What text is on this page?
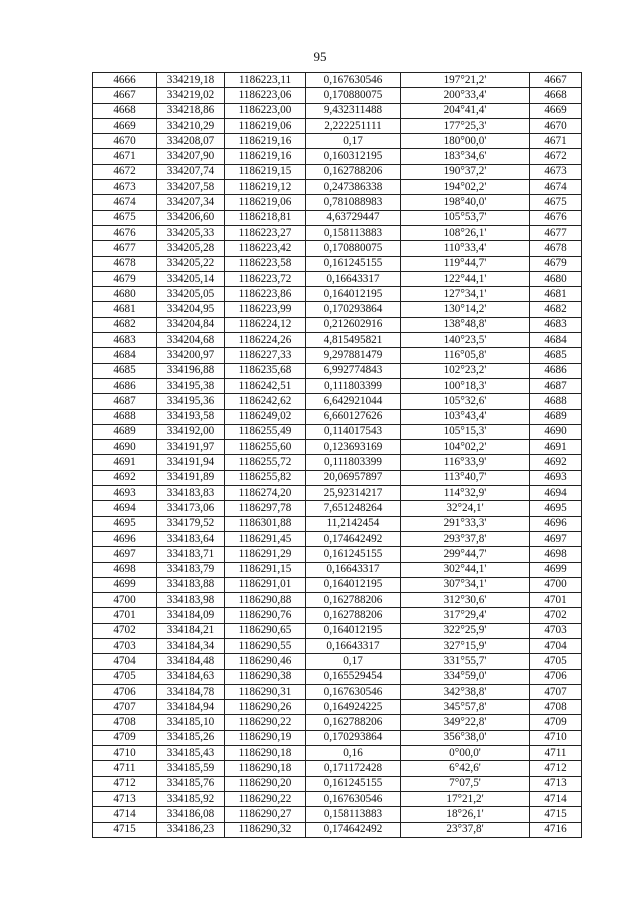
95
4666	334219,18	1186223,11	0,167630546	197°21,2'	4667
4667	334219,02	1186223,06	0,170880075	200°33,4'	4668
4668	334218,86	1186223,00	9,432311488	204°41,4'	4669
4669	334210,29	1186219,06	2,222251111	177°25,3'	4670
4670	334208,07	1186219,16	0,17	180°00,0'	4671
4671	334207,90	1186219,16	0,160312195	183°34,6'	4672
4672	334207,74	1186219,15	0,162788206	190°37,2'	4673
4673	334207,58	1186219,12	0,247386338	194°02,2'	4674
4674	334207,34	1186219,06	0,781088983	198°40,0'	4675
4675	334206,60	1186218,81	4,63729447	105°53,7'	4676
4676	334205,33	1186223,27	0,158113883	108°26,1'	4677
4677	334205,28	1186223,42	0,170880075	110°33,4'	4678
4678	334205,22	1186223,58	0,161245155	119°44,7'	4679
4679	334205,14	1186223,72	0,16643317	122°44,1'	4680
4680	334205,05	1186223,86	0,164012195	127°34,1'	4681
4681	334204,95	1186223,99	0,170293864	130°14,2'	4682
4682	334204,84	1186224,12	0,212602916	138°48,8'	4683
4683	334204,68	1186224,26	4,815495821	140°23,5'	4684
4684	334200,97	1186227,33	9,297881479	116°05,8'	4685
4685	334196,88	1186235,68	6,992774843	102°23,2'	4686
4686	334195,38	1186242,51	0,111803399	100°18,3'	4687
4687	334195,36	1186242,62	6,642921044	105°32,6'	4688
4688	334193,58	1186249,02	6,660127626	103°43,4'	4689
4689	334192,00	1186255,49	0,114017543	105°15,3'	4690
4690	334191,97	1186255,60	0,123693169	104°02,2'	4691
4691	334191,94	1186255,72	0,111803399	116°33,9'	4692
4692	334191,89	1186255,82	20,06957897	113°40,7'	4693
4693	334183,83	1186274,20	25,92314217	114°32,9'	4694
4694	334173,06	1186297,78	7,651248264	32°24,1'	4695
4695	334179,52	1186301,88	11,2142454	291°33,3'	4696
4696	334183,64	1186291,45	0,174642492	293°37,8'	4697
4697	334183,71	1186291,29	0,161245155	299°44,7'	4698
4698	334183,79	1186291,15	0,16643317	302°44,1'	4699
4699	334183,88	1186291,01	0,164012195	307°34,1'	4700
4700	334183,98	1186290,88	0,162788206	312°30,6'	4701
4701	334184,09	1186290,76	0,162788206	317°29,4'	4702
4702	334184,21	1186290,65	0,164012195	322°25,9'	4703
4703	334184,34	1186290,55	0,16643317	327°15,9'	4704
4704	334184,48	1186290,46	0,17	331°55,7'	4705
4705	334184,63	1186290,38	0,165529454	334°59,0'	4706
4706	334184,78	1186290,31	0,167630546	342°38,8'	4707
4707	334184,94	1186290,26	0,164924225	345°57,8'	4708
4708	334185,10	1186290,22	0,162788206	349°22,8'	4709
4709	334185,26	1186290,19	0,170293864	356°38,0'	4710
4710	334185,43	1186290,18	0,16	0°00,0'	4711
4711	334185,59	1186290,18	0,171172428	6°42,6'	4712
4712	334185,76	1186290,20	0,161245155	7°07,5'	4713
4713	334185,92	1186290,22	0,167630546	17°21,2'	4714
4714	334186,08	1186290,27	0,158113883	18°26,1'	4715
4715	334186,23	1186290,32	0,174642492	23°37,8'	4716
